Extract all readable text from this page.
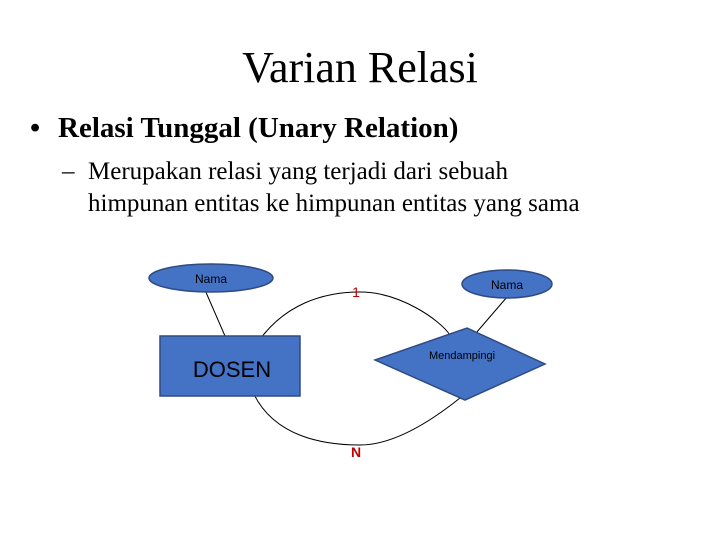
Varian Relasi
• Relasi Tunggal (Unary Relation)
– Merupakan relasi yang terjadi dari sebuah
himpunan entitas ke himpunan entitas yang sama
Nama	Nama
DOSEN
Mendampingi
1
N
